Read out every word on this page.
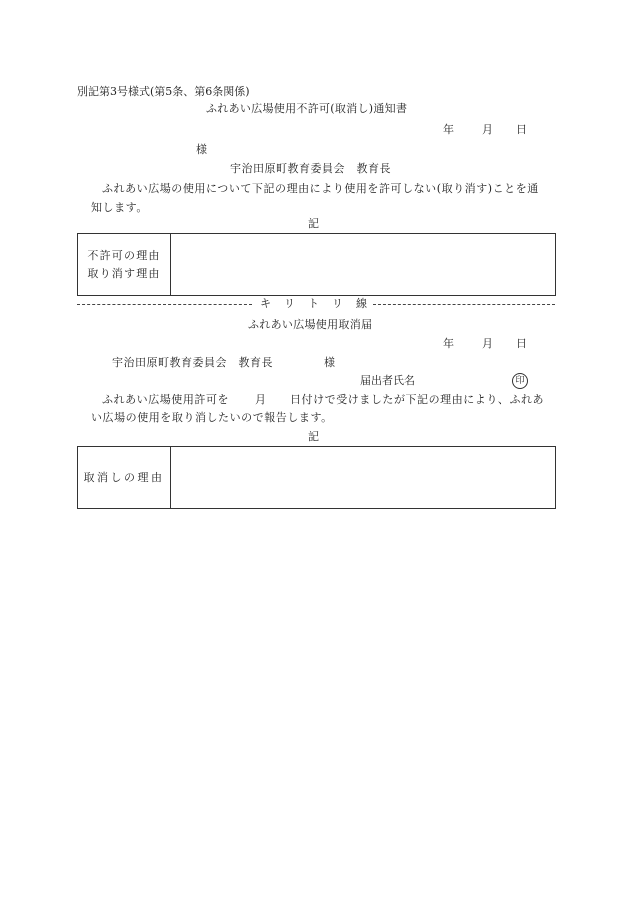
別記第3号様式(第5条、第6条関係)
ふれあい広場使用不許可(取消し)通知書
年	月 日
様
宇治田原町教育委員会　教育長
ふれあい広場の使用について下記の理由により使用を許可しない(取り消す)ことを通
知します。
記
不許可の理由
取り消す理由
キ　リ　ト　リ　線
ふれあい広場使用取消届
年	月 日
宇治田原町教育委員会　教育長	様
届出者氏名	印
ふれあい広場使用許可を 月 日付けで受けましたが下記の理由により、ふれあ
い広場の使用を取り消したいので報告します。
記
取消しの理由
